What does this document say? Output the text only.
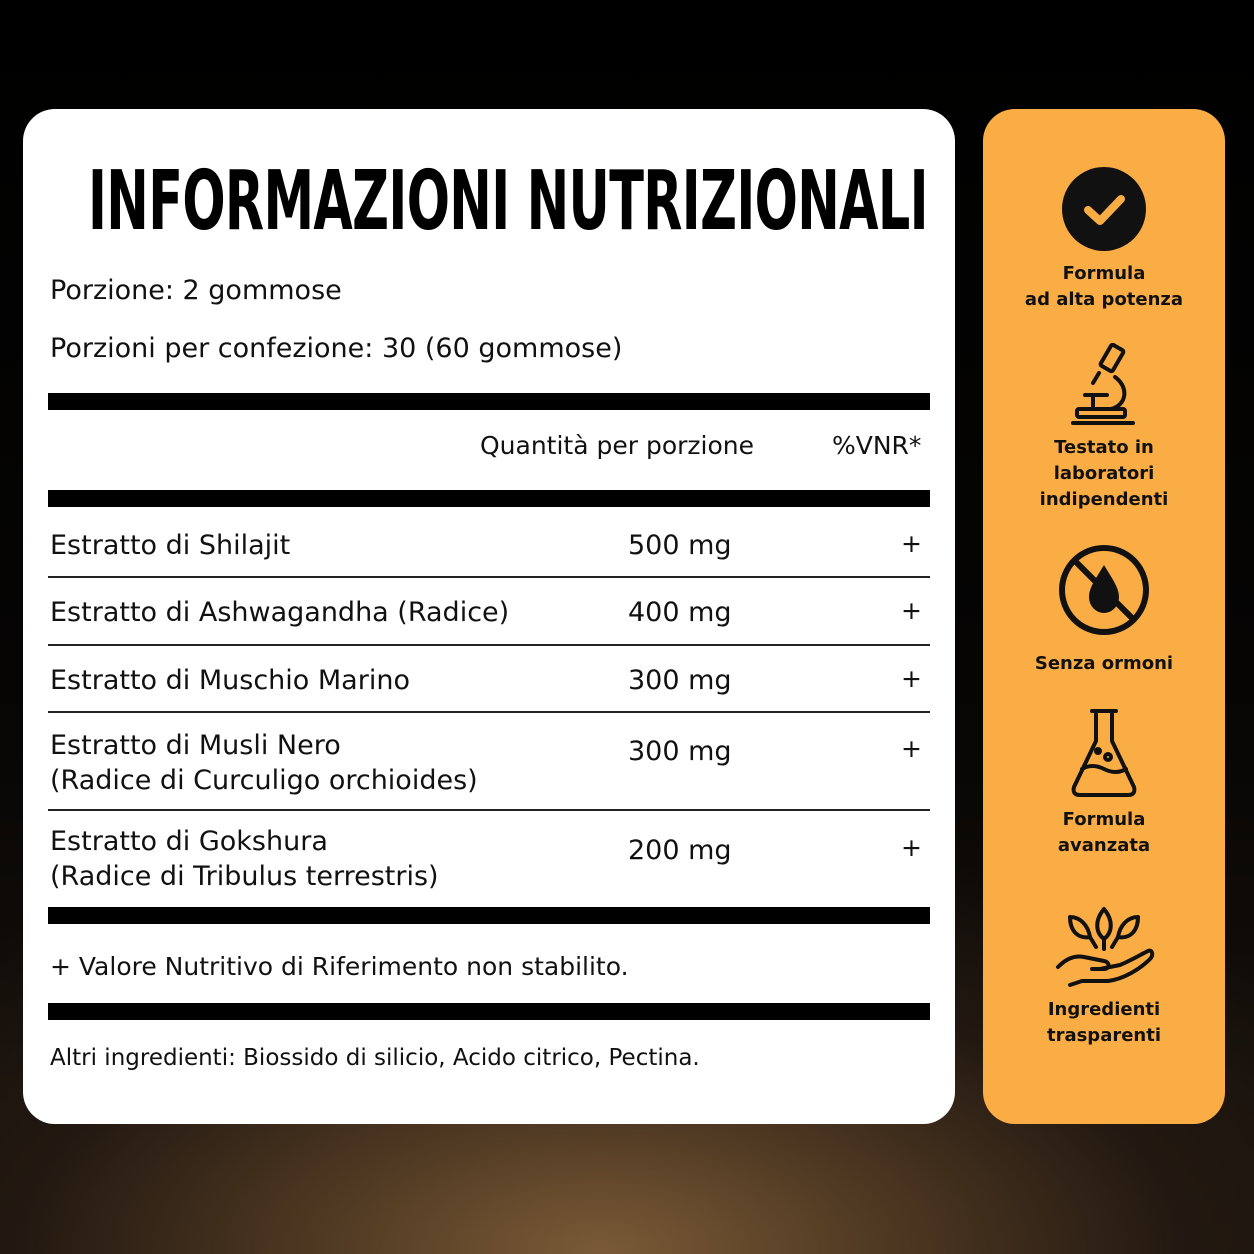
INFORMAZIONI NUTRIZIONALI
Porzione: 2 gommose
Porzioni per confezione: 30 (60 gommose)
Quantità per porzione	%VNR*
Estratto di Shilajit	500 mg	+
Estratto di Ashwagandha (Radice)	400 mg	+
Estratto di Muschio Marino	300 mg	+
Estratto di Musli Nero
(Radice di Curculigo orchioides)
300 mg	+
Estratto di Gokshura
(Radice di Tribulus terrestris)
200 mg	+
+ Valore Nutritivo di Riferimento non stabilito.
Altri ingredienti: Biossido di silicio, Acido citrico, Pectina.
Formula
ad alta potenza
Testato in
laboratori
indipendenti
Senza ormoni
Formula
avanzata
Ingredienti
trasparenti
